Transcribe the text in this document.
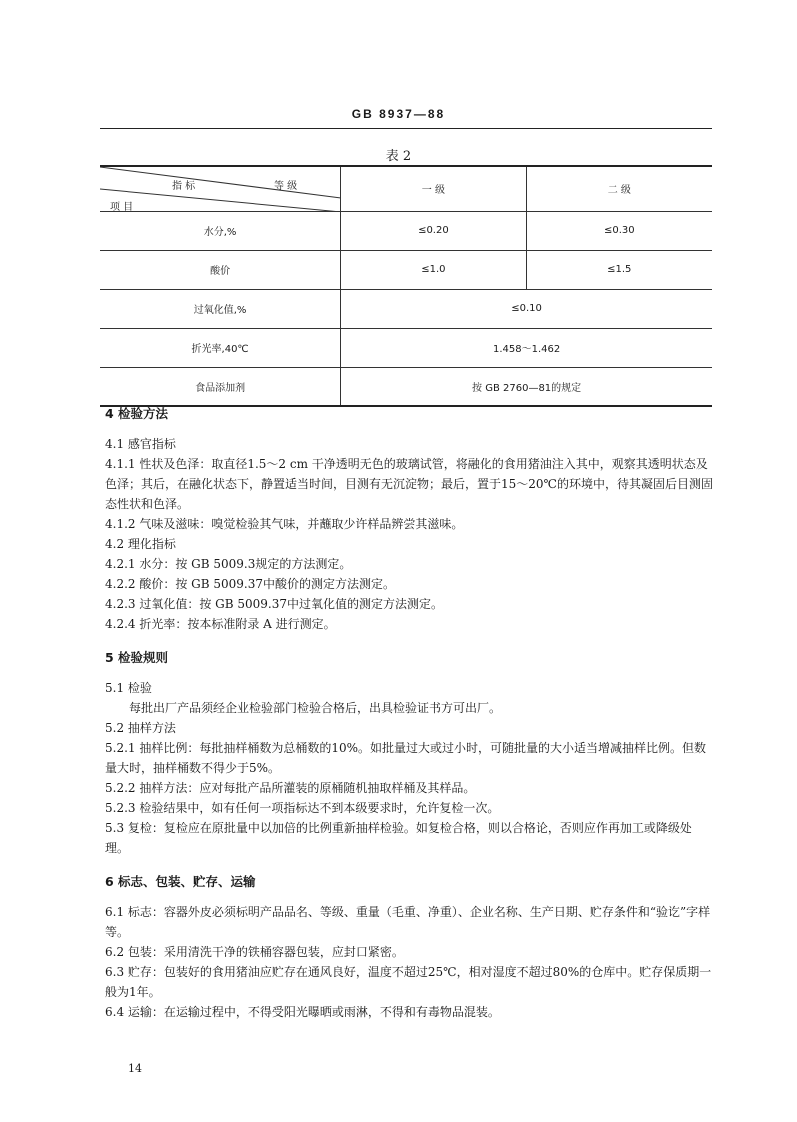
GB 8937—88
表 2
等 级
指 标
项 目	一 级	二 级
水分,%	≤0.20	≤0.30
酸价	≤1.0	≤1.5
过氧化值,%	≤0.10	
折光率,40℃	1.458～1.462	
食品添加剂	按 GB 2760—81的规定	

4 检验方法

4.1 感官指标

4.1.1 性状及色泽：取直径1.5～2 cm 干净透明无色的玻璃试管，将融化的食用猪油注入其中，观察其透明状态及色泽；其后，在融化状态下，静置适当时间，目测有无沉淀物；最后，置于15～20℃的环境中，待其凝固后目测固态性状和色泽。

4.1.2 气味及滋味：嗅觉检验其气味，并蘸取少许样品辨尝其滋味。

4.2 理化指标

4.2.1 水分：按 GB 5009.3规定的方法测定。

4.2.2 酸价：按 GB 5009.37中酸价的测定方法测定。

4.2.3 过氧化值：按 GB 5009.37中过氧化值的测定方法测定。

4.2.4 折光率：按本标准附录 A 进行测定。

5 检验规则

5.1 检验

每批出厂产品须经企业检验部门检验合格后，出具检验证书方可出厂。

5.2 抽样方法

5.2.1 抽样比例：每批抽样桶数为总桶数的10%。如批量过大或过小时，可随批量的大小适当增减抽样比例。但数量大时，抽样桶数不得少于5%。

5.2.2 抽样方法：应对每批产品所灌装的原桶随机抽取样桶及其样品。

5.2.3 检验结果中，如有任何一项指标达不到本级要求时，允许复检一次。

5.3 复检：复检应在原批量中以加倍的比例重新抽样检验。如复检合格，则以合格论，否则应作再加工或降级处理。

6 标志、包装、贮存、运输

6.1 标志：容器外皮必须标明产品品名、等级、重量（毛重、净重）、企业名称、生产日期、贮存条件和“验讫”字样等。

6.2 包装：采用清洗干净的铁桶容器包装，应封口紧密。

6.3 贮存：包装好的食用猪油应贮存在通风良好，温度不超过25℃，相对湿度不超过80%的仓库中。贮存保质期一般为1年。

6.4 运输：在运输过程中，不得受阳光曝晒或雨淋，不得和有毒物品混装。

14
